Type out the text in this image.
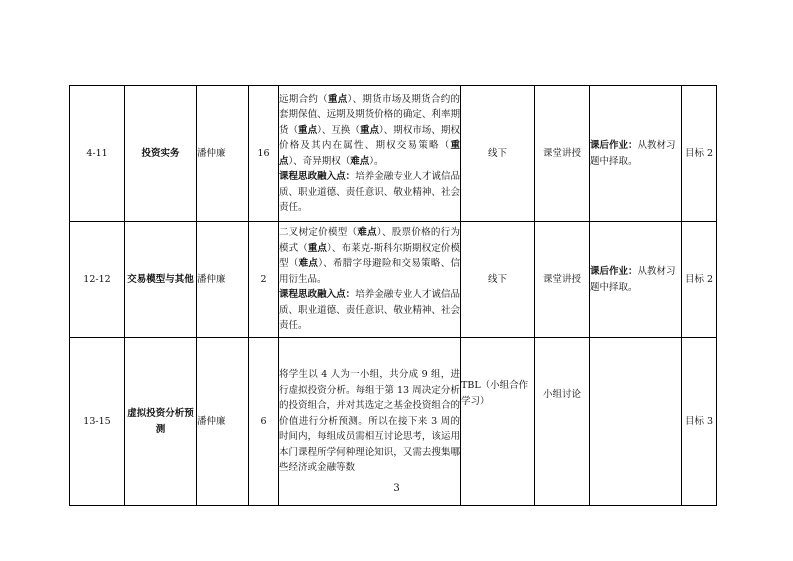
4-11	投资实务	潘仲廉	16	远期合约（重点）、期货市场及期货合约的套期保值、远期及期货价格的确定、利率期货（重点）、互换（重点）、期权市场、期权价格及其内在属性、期权交易策略（重点）、奇异期权（难点）。
课程思政融入点：培养金融专业人才诚信品质、职业道德、责任意识、敬业精神、社会责任。	线下	课堂讲授	课后作业：从教材习题中择取。	目标 2
12-12	交易模型与其他	潘仲廉	2	二叉树定价模型（难点）、股票价格的行为模式（重点）、布莱克-斯科尔斯期权定价模型（难点）、希腊字母避险和交易策略、信用衍生品。
课程思政融入点：培养金融专业人才诚信品质、职业道德、责任意识、敬业精神、社会责任。	线下	课堂讲授	课后作业：从教材习题中择取。	目标 2
13-15	虚拟投资分析预测	潘仲廉	6	将学生以 4 人为一小组，共分成 9 组，进行虚拟投资分析。每组于第 13 周决定分析的投资组合，并对其选定之基金投资组合的价值进行分析预测。所以在接下来 3 周的时间内，每组成员需相互讨论思考，该运用本门课程所学何种理论知识，又需去搜集哪些经济或金融等数	TBL（小组合作学习）	小组讨论		目标 3
3
